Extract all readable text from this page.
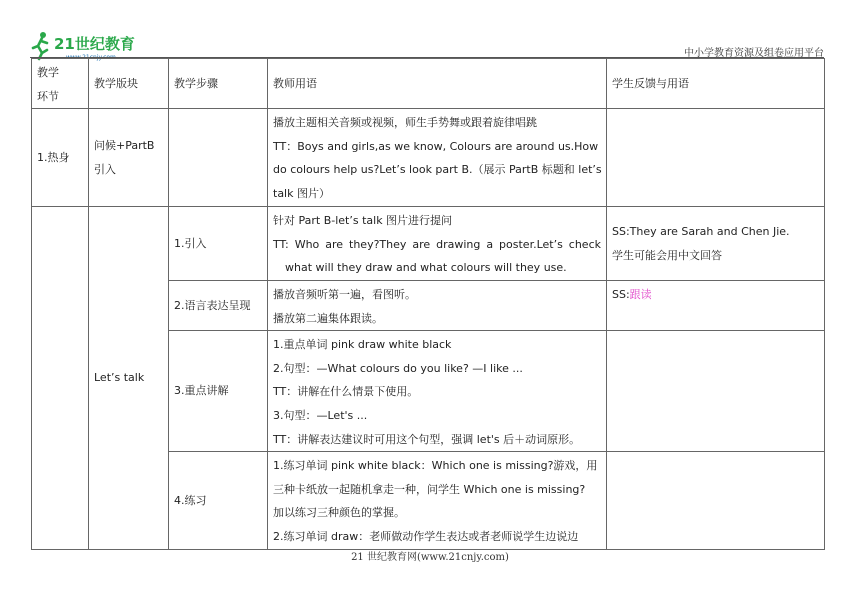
21世纪教育
www.21cnjy.com	中小学教育资源及组卷应用平台
教学
环节	教学版块	教学步骤	教师用语	学生反馈与用语
1.热身	问候+PartB
引入		播放主题相关音频或视频，师生手势舞或跟着旋律唱跳
TT：Boys and girls,as we know, Colours are around us.How
do colours help us?Let’s look part B.（展示 PartB 标题和 let’s
talk 图片）	

	Let’s talk	1.引入	针对 Part B-let’s talk 图片进行提问
TT: Who are they?They are drawing a poster.Let’s check
what will they draw and what colours will they use.	SS:They are Sarah and Chen Jie.
学生可能会用中文回答

		2.语言表达呈现	播放音频听第一遍，看图听。
播放第二遍集体跟读。	SS:跟读
		3.重点讲解	1.重点单词 pink draw white black
2.句型：—What colours do you like? —I like ...
TT：讲解在什么情景下使用。
3.句型：—Let's ...
TT：讲解表达建议时可用这个句型，强调 let's 后＋动词原形。	

		4.练习	1.练习单词 pink white black：Which one is missing?游戏，用
三种卡纸放一起随机拿走一种，问学生 Which one is missing?
加以练习三种颜色的掌握。
2.练习单词 draw：老师做动作学生表达或者老师说学生边说边	

21 世纪教育网(www.21cnjy.com)
